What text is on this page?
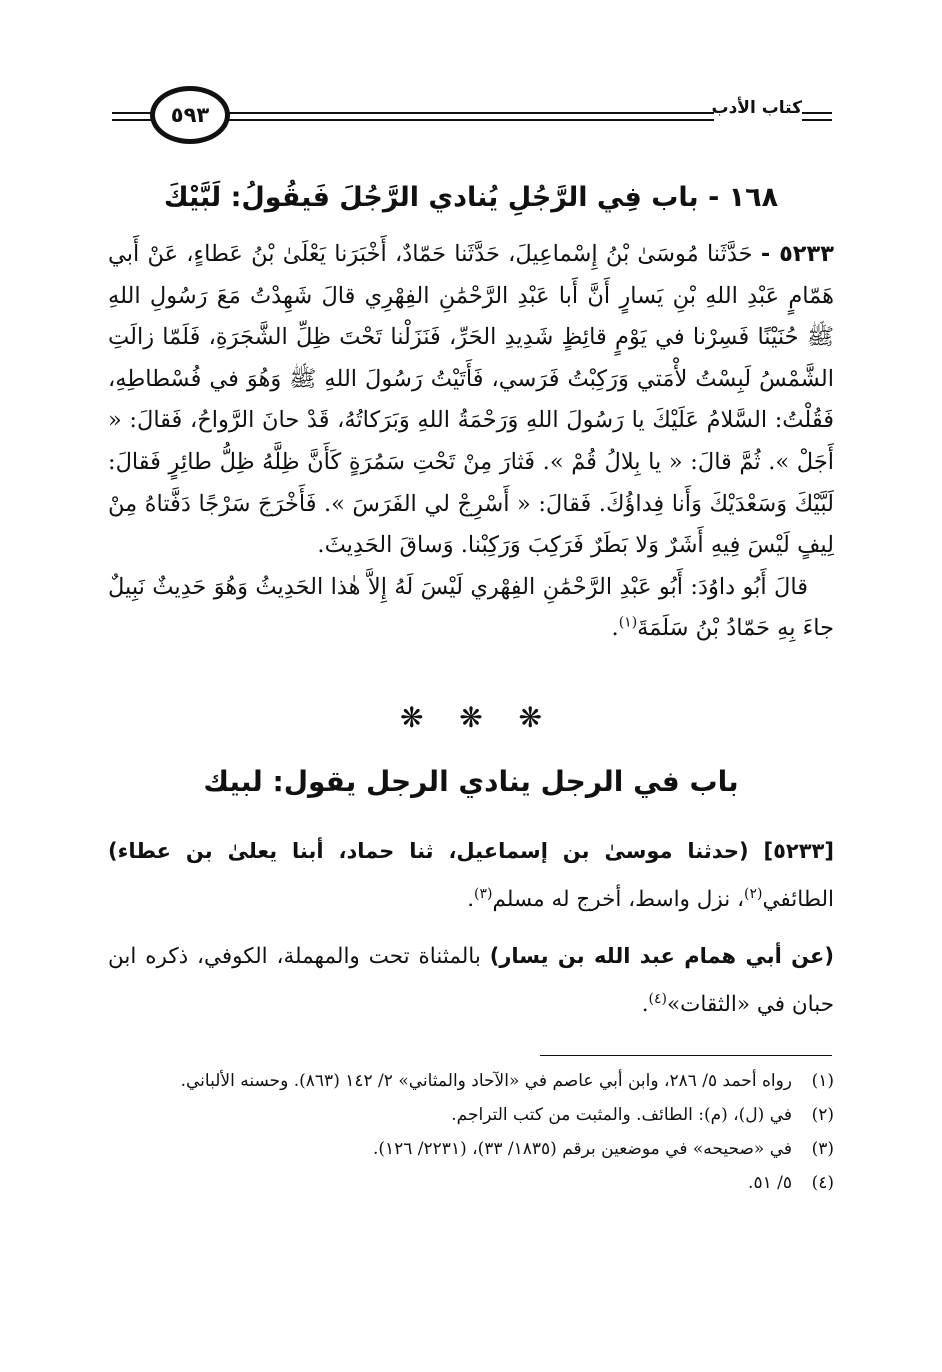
٥٩٣	كتاب الأدب
١٦٨ - باب فِي الرَّجُلِ يُنادي الرَّجُلَ فَيقُولُ: لَبَّيْكَ

٥٢٣٣ - حَدَّثَنا مُوسَىٰ بْنُ إِسْماعِيلَ، حَدَّثَنا حَمّادٌ، أَخْبَرَنا يَعْلَىٰ بْنُ عَطاءٍ، عَنْ أَبي هَمّامٍ عَبْدِ اللهِ بْنِ يَسارٍ أَنَّ أَبا عَبْدِ الرَّحْمَٰنِ الفِهْرِي قالَ شَهِدْتُ مَعَ رَسُولِ اللهِ ﷺ حُنَيْنًا فَسِرْنا في يَوْمٍ قائِظٍ شَدِيدِ الحَرِّ، فَنَزَلْنا تَحْتَ ظِلِّ الشَّجَرَةِ، فَلَمّا زالَتِ الشَّمْسُ لَبِسْتُ لأْمَتي وَرَكِبْتُ فَرَسي، فَأَتَيْتُ رَسُولَ اللهِ ﷺ وَهُوَ في فُسْطاطِهِ، فَقُلْتُ: السَّلامُ عَلَيْكَ يا رَسُولَ اللهِ وَرَحْمَةُ اللهِ وَبَرَكاتُهُ، قَدْ حانَ الرَّواحُ، فَقالَ: « أَجَلْ ». ثُمَّ قالَ: « يا بِلالُ قُمْ ». فَثارَ مِنْ تَحْتِ سَمُرَةٍ كَأَنَّ ظِلَّهُ ظِلُّ طائِرٍ فَقالَ: لَبَّيْكَ وَسَعْدَيْكَ وَأَنا فِداؤُكَ. فَقالَ: « أَسْرِجْ لي الفَرَسَ ». فَأَخْرَجَ سَرْجًا دَفَّتاهُ مِنْ لِيفٍ لَيْسَ فِيهِ أَشَرٌ وَلا بَطَرٌ فَرَكِبَ وَرَكِبْنا. وَساقَ الحَدِيثَ.

قالَ أَبُو داوُدَ: أَبُو عَبْدِ الرَّحْمَٰنِ الفِهْري لَيْسَ لَهُ إِلاَّ هٰذا الحَدِيثُ وَهُوَ حَدِيثٌ نَبِيلٌ جاءَ بِهِ حَمّادُ بْنُ سَلَمَةَ$^{(١)}$.

❋ ❋ ❋
باب في الرجل ينادي الرجل يقول: لبيك

[٥٢٣٣] (حدثنا موسىٰ بن إسماعيل، ثنا حماد، أبنا يعلىٰ بن عطاء) الطائفي$^{(٢)}$، نزل واسط، أخرج له مسلم$^{(٣)}$.

(عن أبي همام عبد الله بن يسار) بالمثناة تحت والمهملة، الكوفي، ذكره ابن حبان في «الثقات»$^{(٤)}$.

(١)
رواه أحمد ٥/ ٢٨٦، وابن أبي عاصم في «الآحاد والمثاني» ٢/ ١٤٢ (٨٦٣). وحسنه الألباني.
(٢)
في (ل)، (م): الطائف. والمثبت من كتب التراجم.
(٣)
في «صحيحه» في موضعين برقم (١٨٣٥/ ٣٣)، (٢٢٣١/ ١٢٦).
(٤)
٥/ ٥١.
